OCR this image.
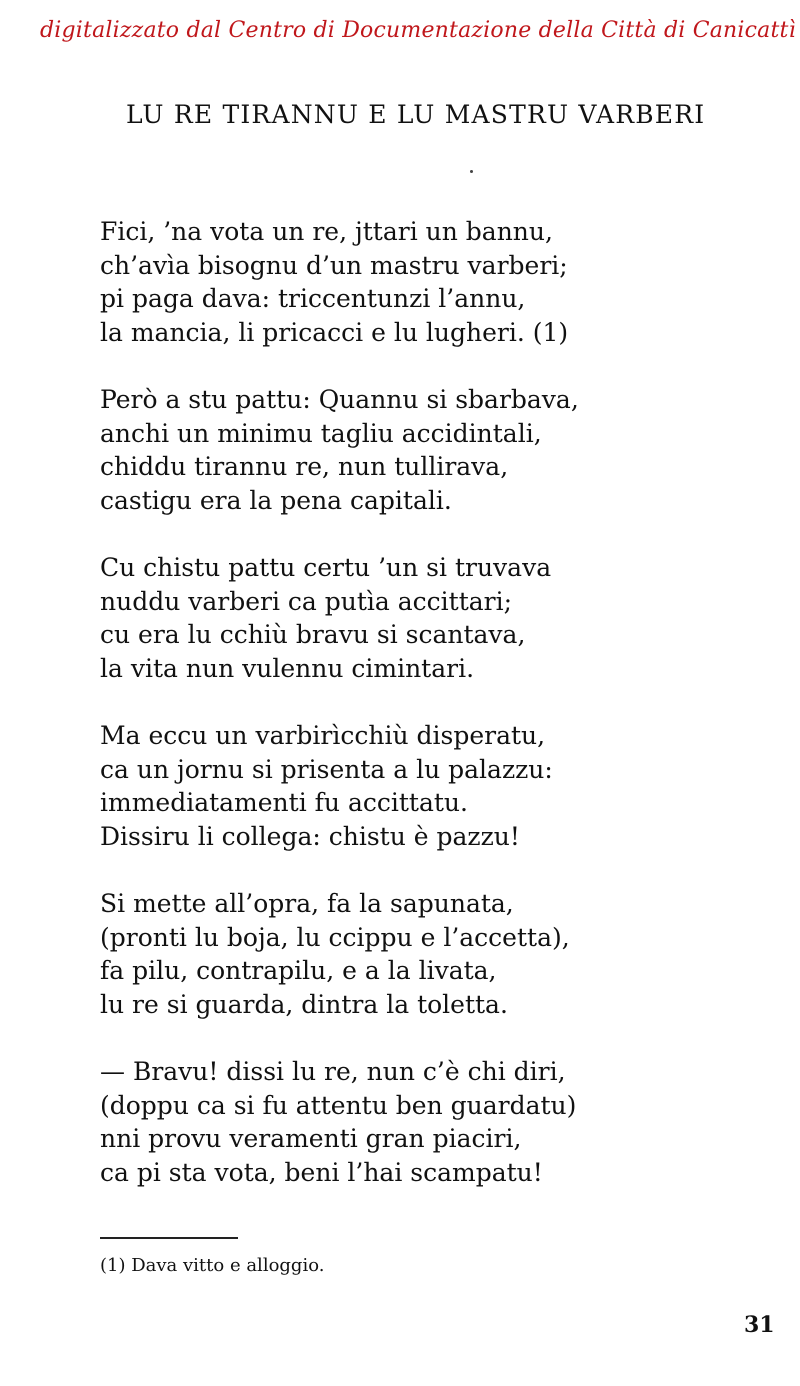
digitalizzato dal Centro di Documentazione della Città di Canicattì
LU RE TIRANNU E LU MASTRU VARBERI
Fici, ’na vota un re, jttari un bannu,
ch’avìa bisognu d’un mastru varberi;
pi paga dava: triccentunzi l’annu,
la mancia, li pricacci e lu lugheri. (1)
Però a stu pattu: Quannu si sbarbava,
anchi un minimu tagliu accidintali,
chiddu tirannu re, nun tullirava,
castigu era la pena capitali.
Cu chistu pattu certu ’un si truvava
nuddu varberi ca putìa accittari;
cu era lu cchiù bravu si scantava,
la vita nun vulennu cimintari.
Ma eccu un varbirìcchiù disperatu,
ca un jornu si prisenta a lu palazzu:
immediatamenti fu accittatu.
Dissiru li collega: chistu è pazzu!
Si mette all’opra, fa la sapunata,
(pronti lu boja, lu ccippu e l’accetta),
fa pilu, contrapilu, e a la livata,
lu re si guarda, dintra la toletta.
— Bravu! dissi lu re, nun c’è chi diri,
(doppu ca si fu attentu ben guardatu)
nni provu veramenti gran piaciri,
ca pi sta vota, beni l’hai scampatu!
(1) Dava vitto e alloggio.
31
